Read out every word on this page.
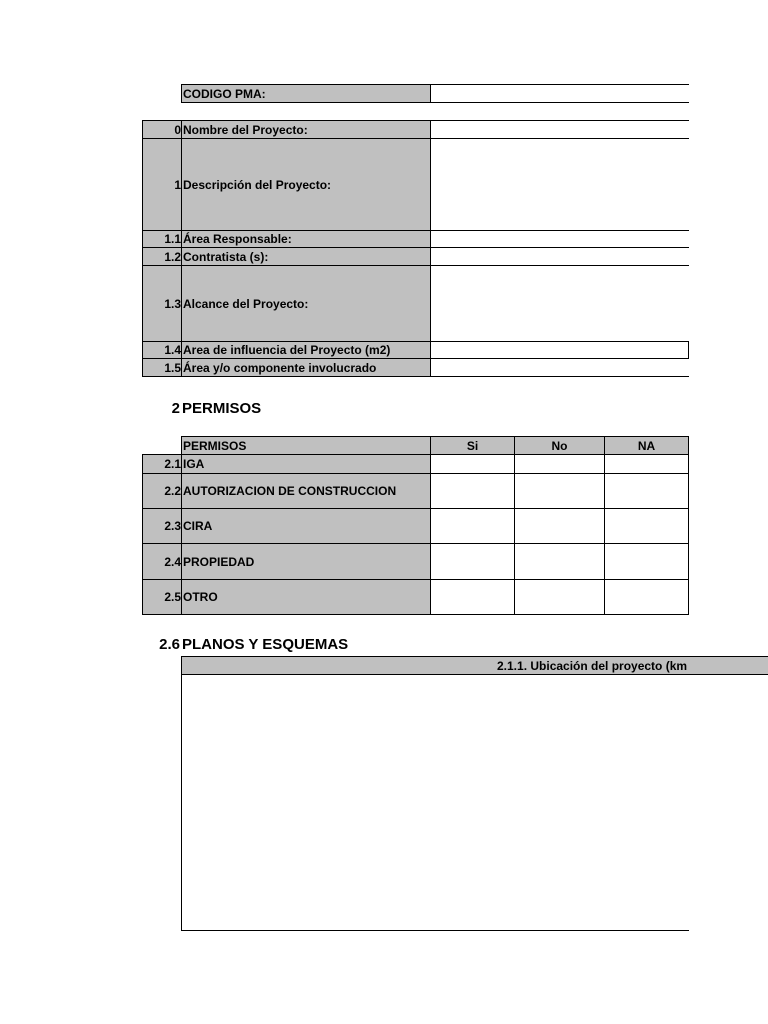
CODIGO PMA:
0 Nombre del Proyecto:
1 Descripción del Proyecto:
1.1 Área Responsable:
1.2 Contratista (s):
1.3 Alcance del Proyecto:
1.4 Area de influencia del Proyecto (m2)
1.5 Área y/o componente involucrado
2 PERMISOS
PERMISOS	Si	No	NA
2.1 IGA
2.2 AUTORIZACION DE CONSTRUCCION
2.3 CIRA
2.4 PROPIEDAD
2.5 OTRO
2.6 PLANOS Y ESQUEMAS
2.1.1. Ubicación del proyecto (km
